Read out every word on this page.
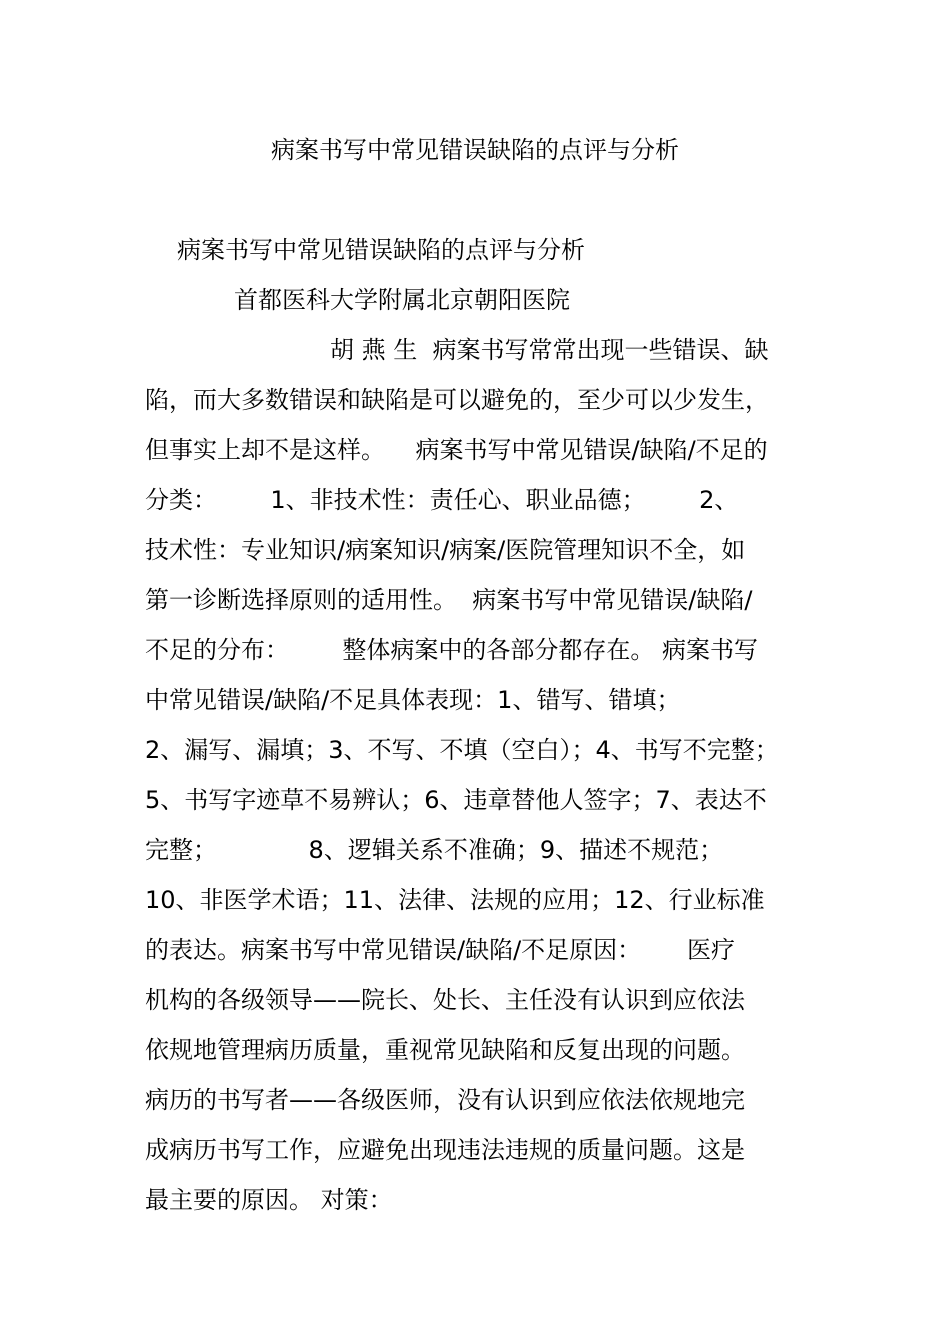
病案书写中常见错误缺陷的点评与分析
病案书写中常见错误缺陷的点评与分析
首都医科大学附属北京朝阳医院
胡 燕 生  病案书写常常出现一些错误、缺
陷，而大多数错误和缺陷是可以避免的，至少可以少发生，
但事实上却不是这样。    病案书写中常见错误/缺陷/不足的
分类：       1、非技术性：责任心、职业品德；       2、
技术性：专业知识/病案知识/病案/医院管理知识不全，如
第一诊断选择原则的适用性。  病案书写中常见错误/缺陷/
不足的分布：       整体病案中的各部分都存在。 病案书写
中常见错误/缺陷/不足具体表现：1、错写、错填；
2、漏写、漏填；3、不写、不填（空白）；4、书写不完整；
5、书写字迹草不易辨认；6、违章替他人签字；7、表达不
完整；            8、逻辑关系不准确；9、描述不规范；
10、非医学术语；11、法律、法规的应用；12、行业标准
的表达。病案书写中常见错误/缺陷/不足原因：      医疗
机构的各级领导——院长、处长、主任没有认识到应依法
依规地管理病历质量，重视常见缺陷和反复出现的问题。
病历的书写者——各级医师，没有认识到应依法依规地完
成病历书写工作，应避免出现违法违规的质量问题。这是
最主要的原因。 对策：
